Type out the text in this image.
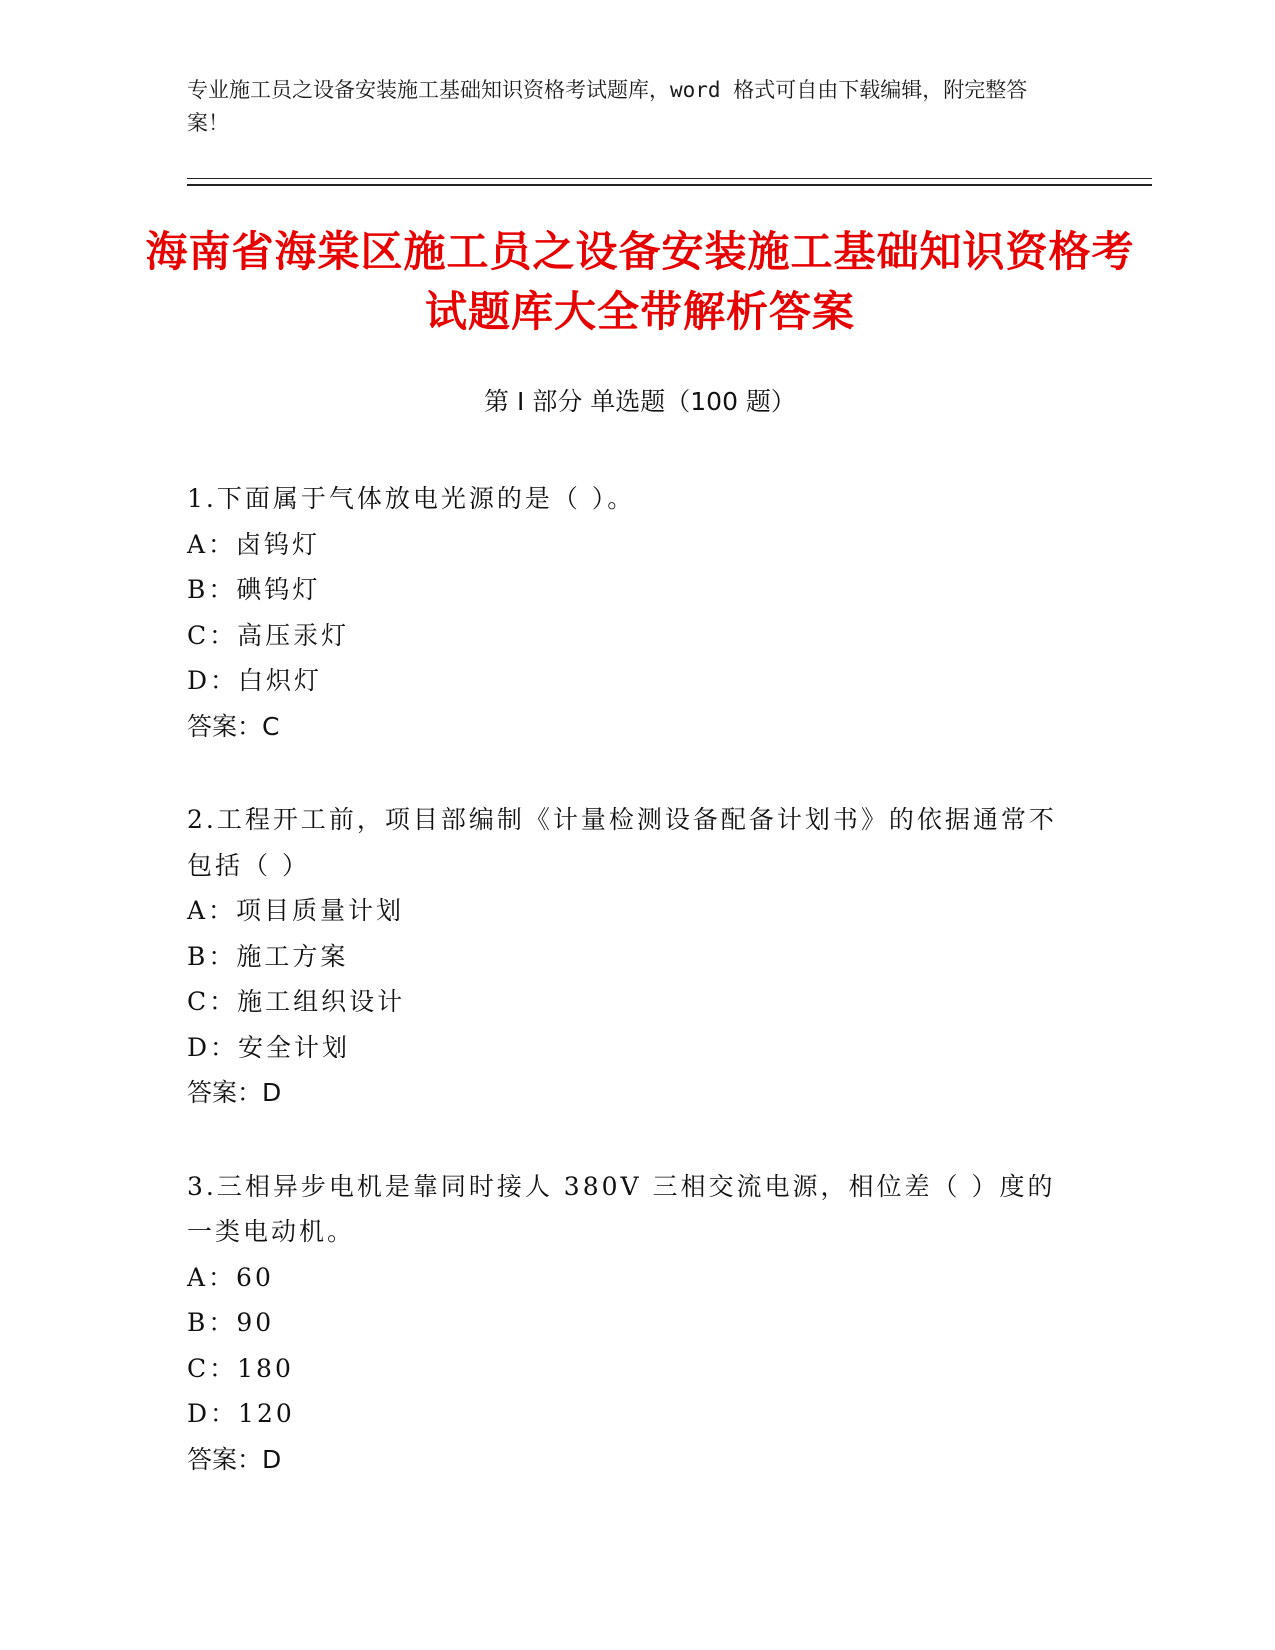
专业施工员之设备安装施工基础知识资格考试题库，word 格式可自由下载编辑，附完整答案！
海南省海棠区施工员之设备安装施工基础知识资格考试题库大全带解析答案
第 I 部分 单选题（100 题）
1.下面属于气体放电光源的是（ ）。
A：卤钨灯
B：碘钨灯
C：高压汞灯
D：白炽灯
答案：C
2.工程开工前，项目部编制《计量检测设备配备计划书》的依据通常不包括（ ）
A：项目质量计划
B：施工方案
C：施工组织设计
D：安全计划
答案：D
3.三相异步电机是靠同时接人 380V 三相交流电源，相位差（ ）度的一类电动机。
A：60
B：90
C：180
D：120
答案：D
